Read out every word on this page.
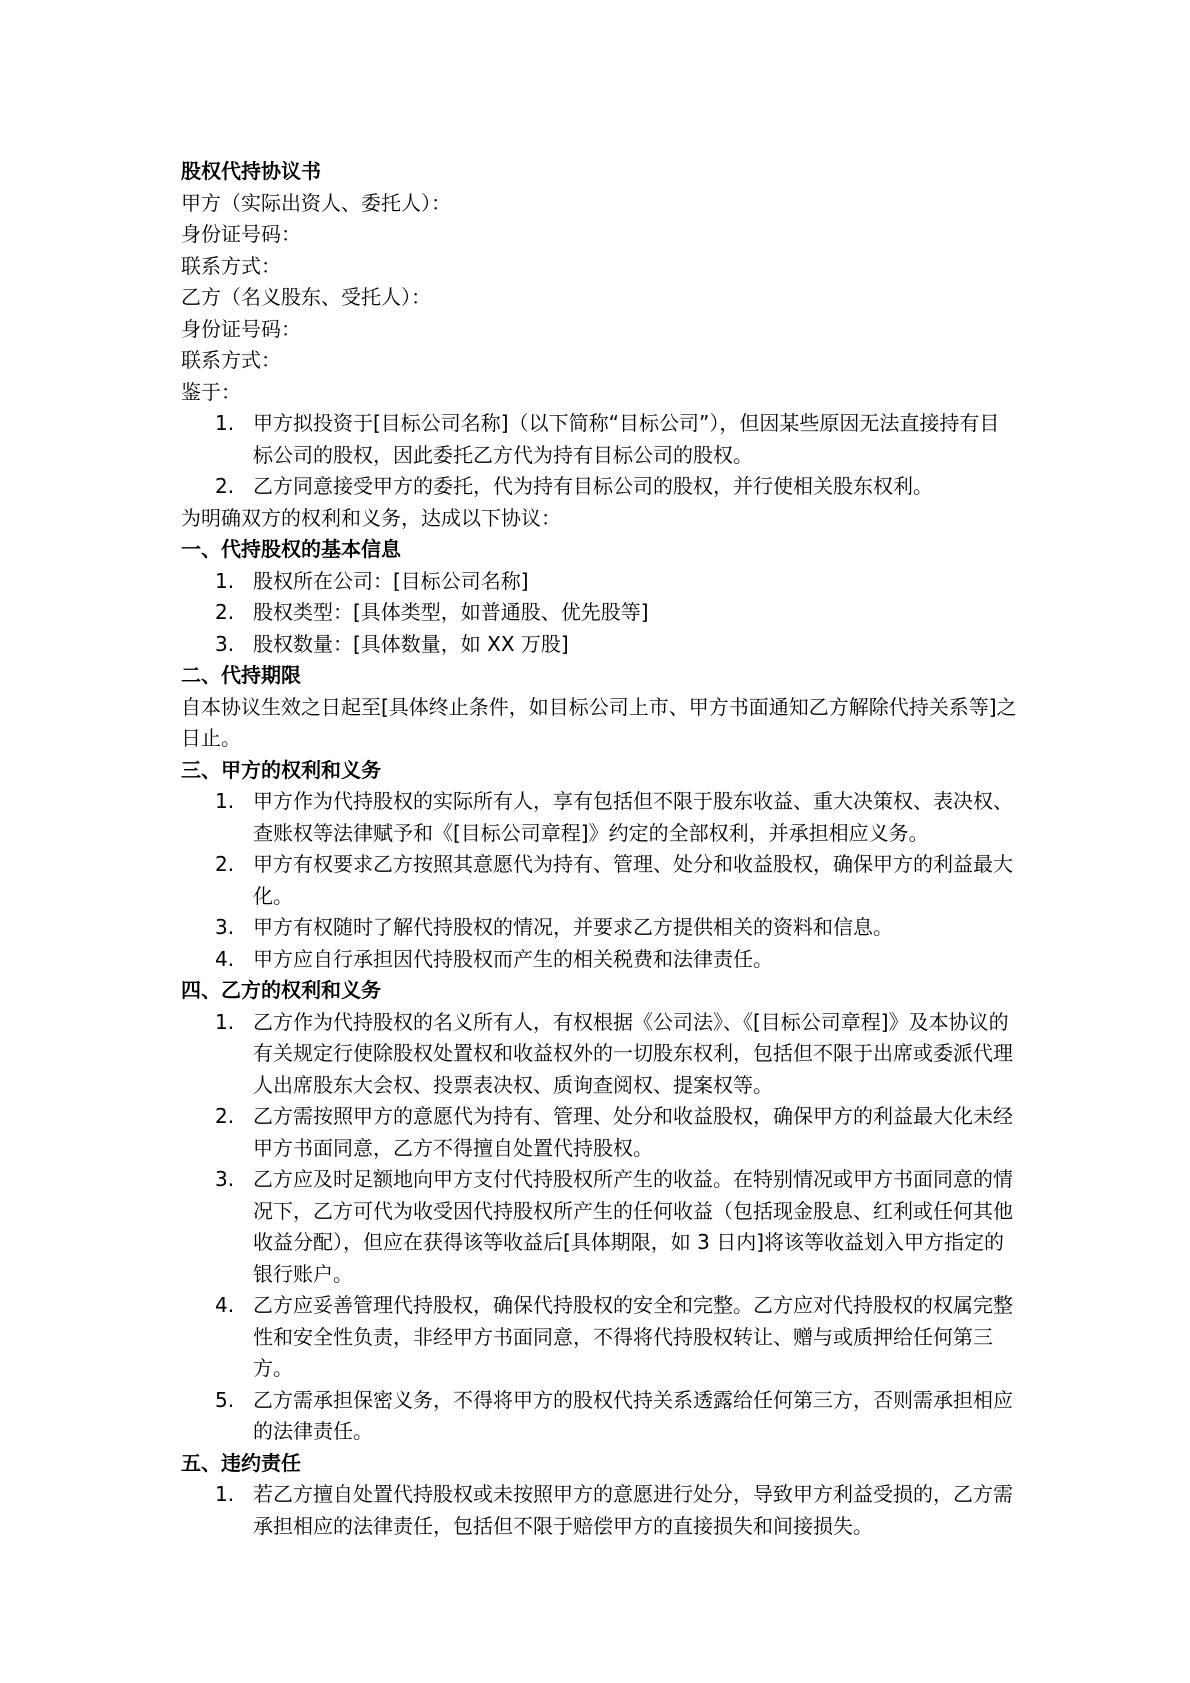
股权代持协议书

甲方（实际出资人、委托人）：

身份证号码：

联系方式：

乙方（名义股东、受托人）：

身份证号码：

联系方式：

鉴于：

1. 甲方拟投资于[目标公司名称]（以下简称“目标公司”），但因某些原因无法直接持有目标公司的股权，因此委托乙方代为持有目标公司的股权。
2. 乙方同意接受甲方的委托，代为持有目标公司的股权，并行使相关股东权利。

为明确双方的权利和义务，达成以下协议：

一、代持股权的基本信息

1. 股权所在公司：[目标公司名称]
2. 股权类型：[具体类型，如普通股、优先股等]
3. 股权数量：[具体数量，如 XX 万股]

二、代持期限

自本协议生效之日起至[具体终止条件，如目标公司上市、甲方书面通知乙方解除代持关系等]之日止。

三、甲方的权利和义务

1. 甲方作为代持股权的实际所有人，享有包括但不限于股东收益、重大决策权、表决权、查账权等法律赋予和《[目标公司章程]》约定的全部权利，并承担相应义务。
2. 甲方有权要求乙方按照其意愿代为持有、管理、处分和收益股权，确保甲方的利益最大化。
3. 甲方有权随时了解代持股权的情况，并要求乙方提供相关的资料和信息。
4. 甲方应自行承担因代持股权而产生的相关税费和法律责任。

四、乙方的权利和义务

1. 乙方作为代持股权的名义所有人，有权根据《公司法》、《[目标公司章程]》及本协议的有关规定行使除股权处置权和收益权外的一切股东权利，包括但不限于出席或委派代理人出席股东大会权、投票表决权、质询查阅权、提案权等。
2. 乙方需按照甲方的意愿代为持有、管理、处分和收益股权，确保甲方的利益最大化未经甲方书面同意，乙方不得擅自处置代持股权。
3. 乙方应及时足额地向甲方支付代持股权所产生的收益。在特别情况或甲方书面同意的情况下，乙方可代为收受因代持股权所产生的任何收益（包括现金股息、红利或任何其他收益分配），但应在获得该等收益后[具体期限，如 3 日内]将该等收益划入甲方指定的银行账户。
4. 乙方应妥善管理代持股权，确保代持股权的安全和完整。乙方应对代持股权的权属完整性和安全性负责，非经甲方书面同意，不得将代持股权转让、赠与或质押给任何第三方。
5. 乙方需承担保密义务，不得将甲方的股权代持关系透露给任何第三方，否则需承担相应的法律责任。

五、违约责任

1. 若乙方擅自处置代持股权或未按照甲方的意愿进行处分，导致甲方利益受损的，乙方需承担相应的法律责任，包括但不限于赔偿甲方的直接损失和间接损失。
